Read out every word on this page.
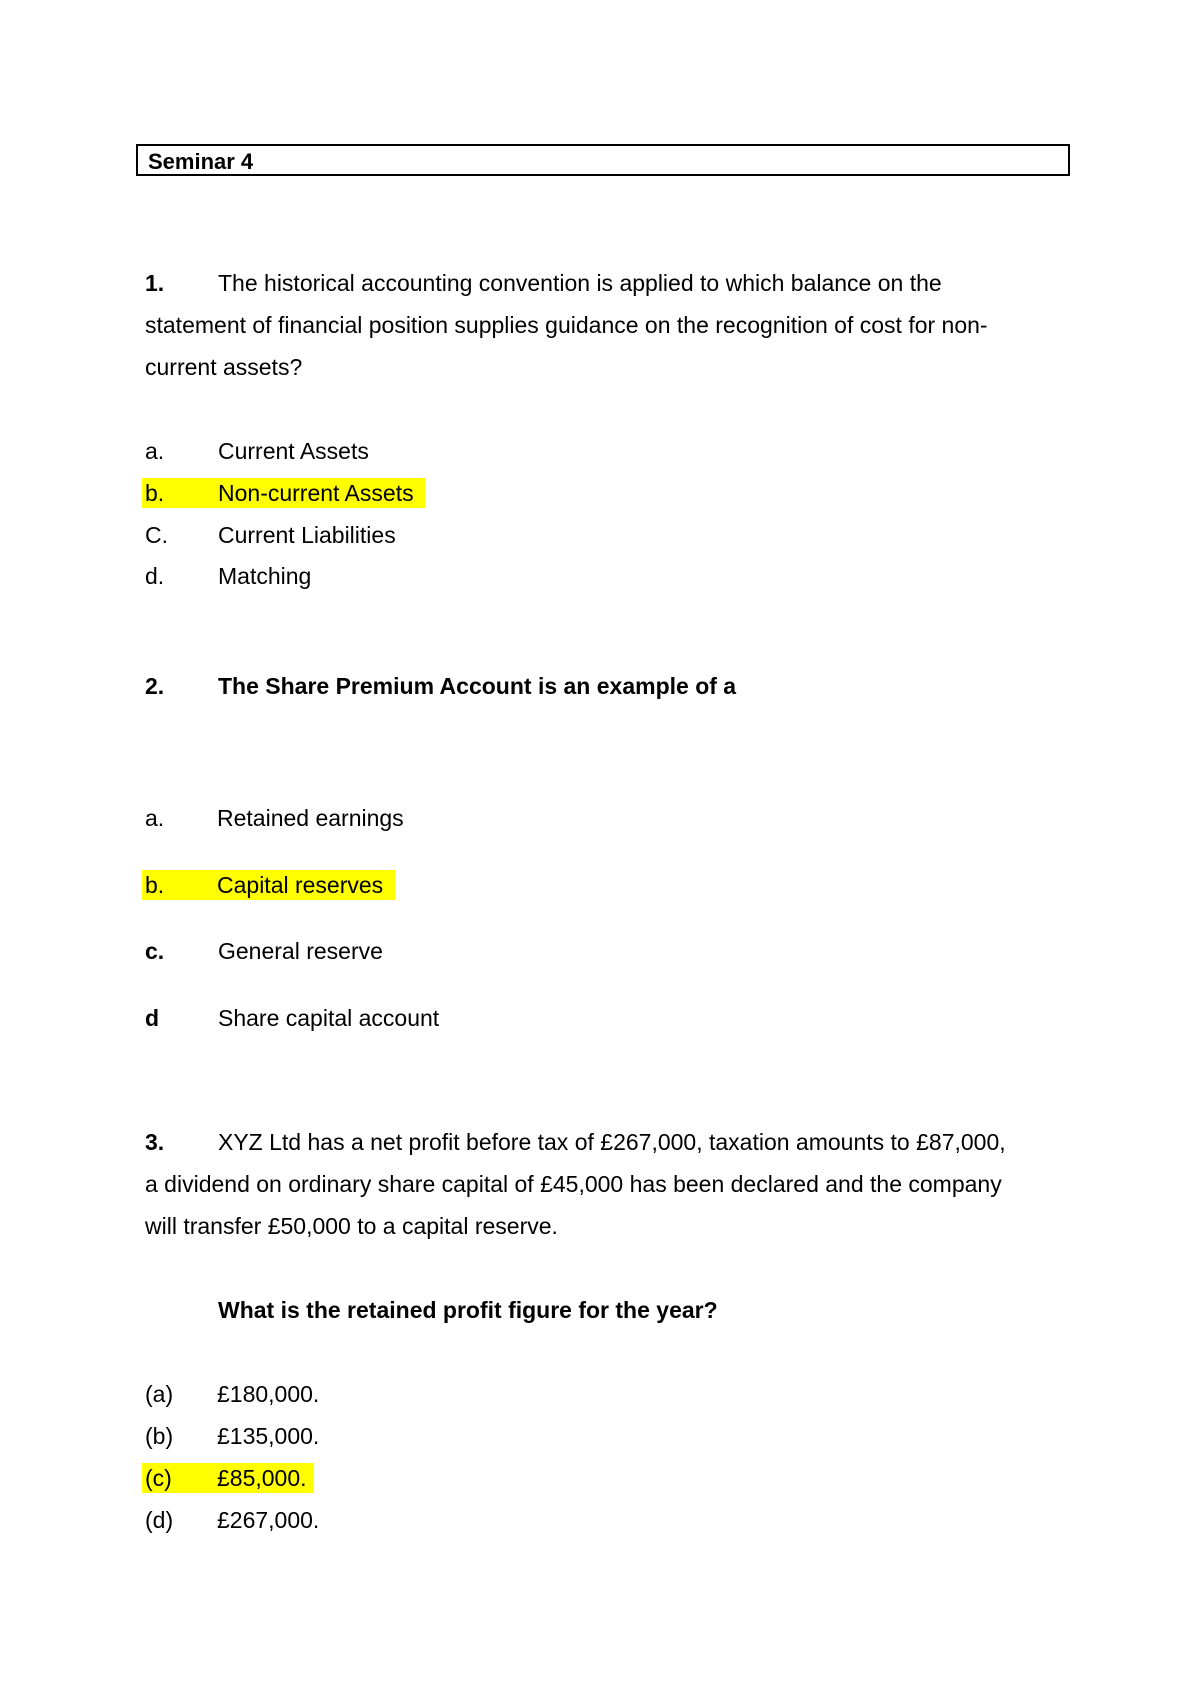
Seminar 4
1. The historical accounting convention is applied to which balance on the
statement of financial position supplies guidance on the recognition of cost for non-
current assets?
a. Current Assets
b. Non-current Assets
C. Current Liabilities
d. Matching
2. The Share Premium Account is an example of a
a. Retained earnings
b. Capital reserves
c. General reserve
d	Share capital account
3. XYZ Ltd has a net profit before tax of £267,000, taxation amounts to £87,000,
a dividend on ordinary share capital of £45,000 has been declared and the company
will transfer £50,000 to a capital reserve.
What is the retained profit figure for the year?
(a) £180,000.
(b) £135,000.
(c) £85,000.
(d) £267,000.
